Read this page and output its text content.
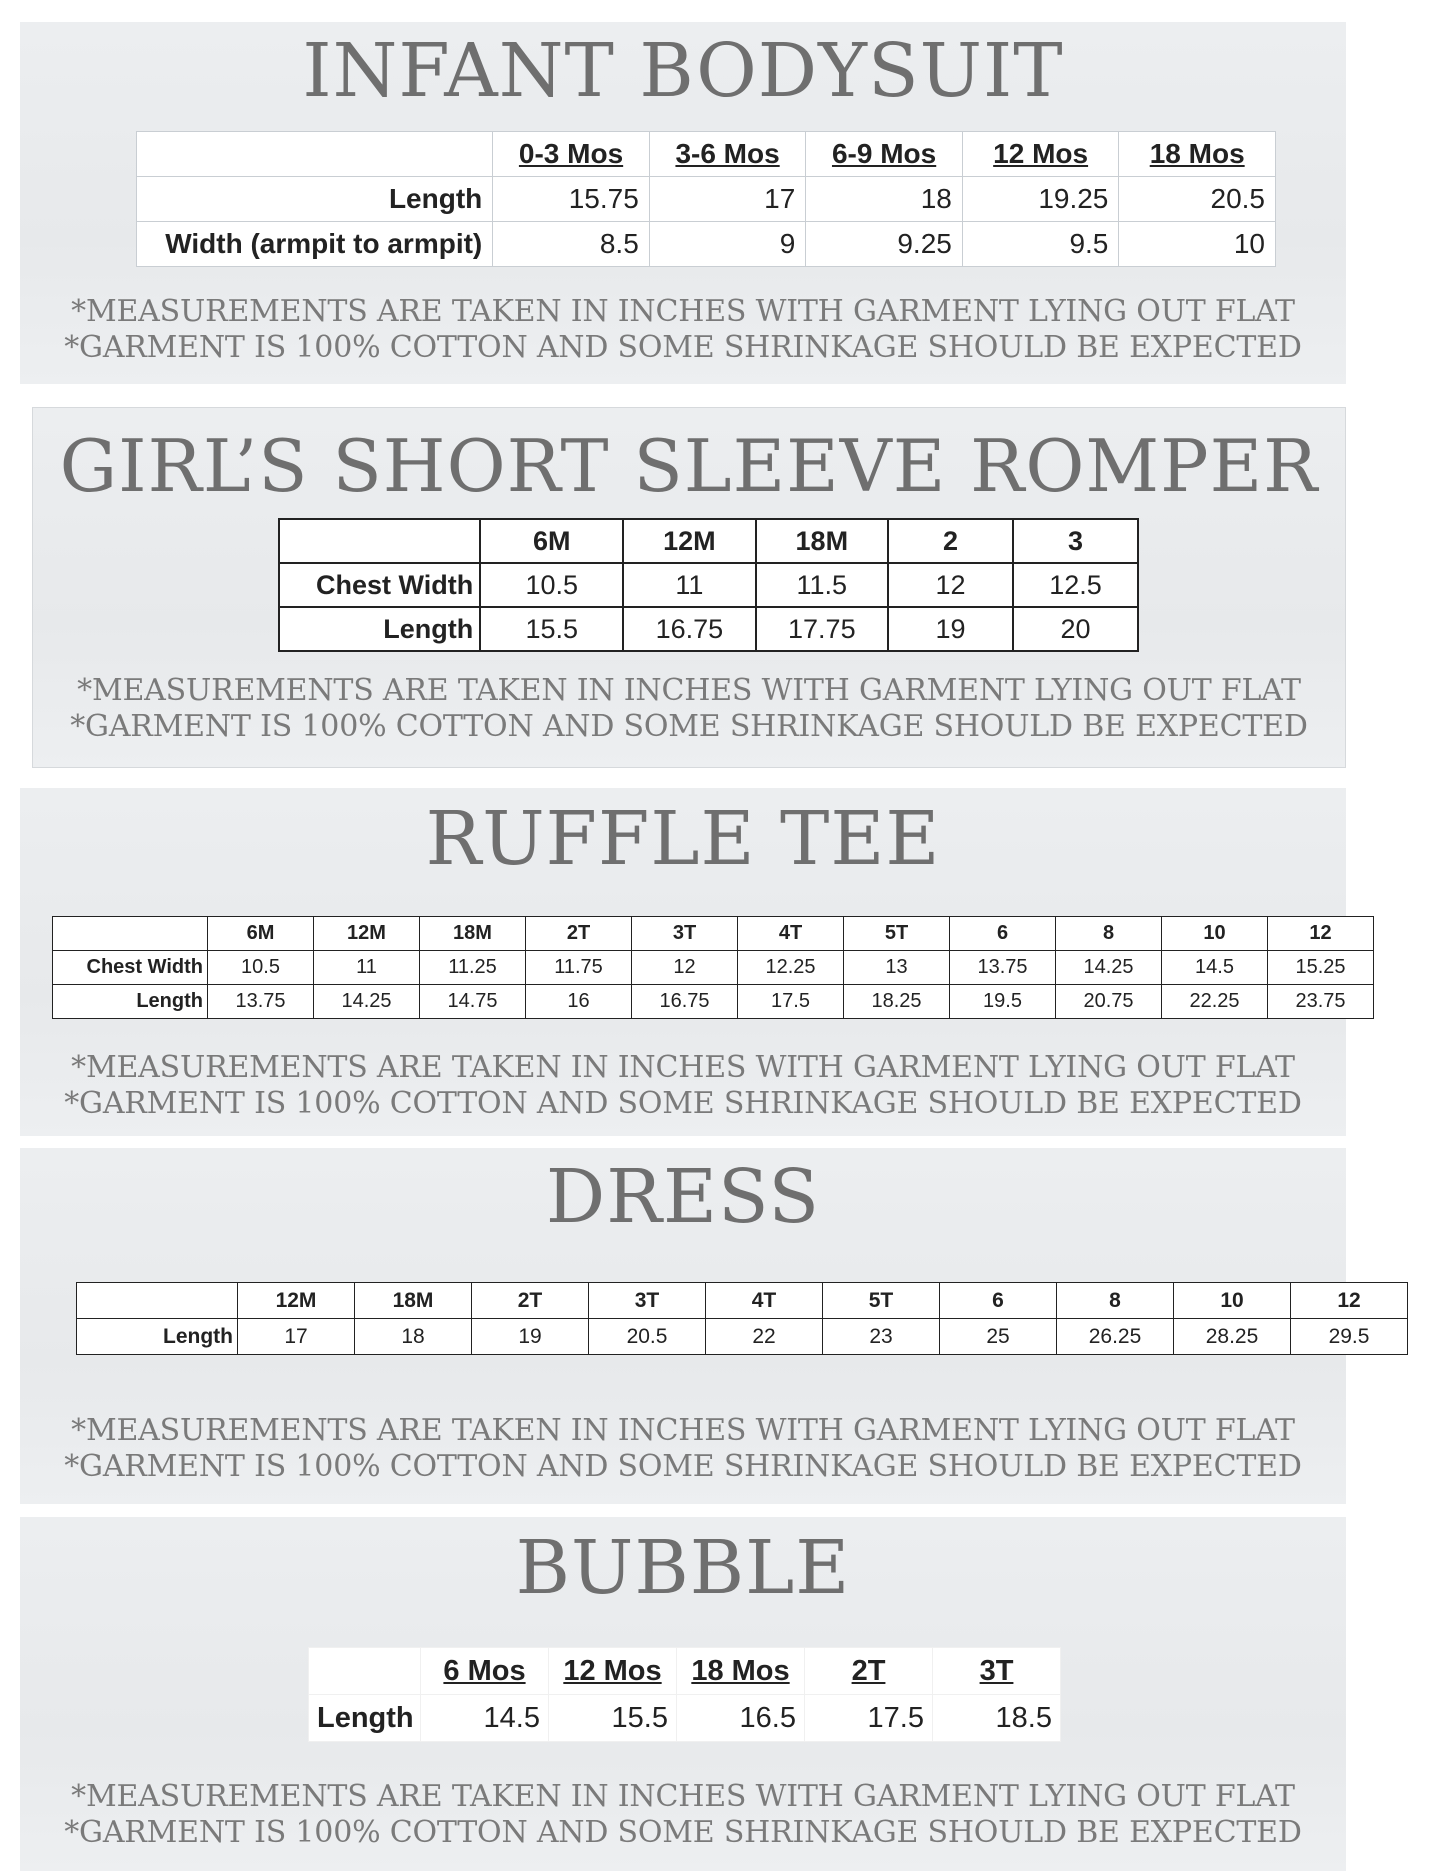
INFANT BODYSUIT
	0-3 Mos	3-6 Mos	6-9 Mos	12 Mos	18 Mos
Length	15.75	17	18	19.25	20.5
Width (armpit to armpit)	8.5	9	9.25	9.5	10
*MEASUREMENTS ARE TAKEN IN INCHES WITH GARMENT LYING OUT FLAT
*GARMENT IS 100% COTTON AND SOME SHRINKAGE SHOULD BE EXPECTED
GIRL’S SHORT SLEEVE ROMPER
	6M	12M	18M	2	3
Chest Width	10.5	11	11.5	12	12.5
Length	15.5	16.75	17.75	19	20
*MEASUREMENTS ARE TAKEN IN INCHES WITH GARMENT LYING OUT FLAT
*GARMENT IS 100% COTTON AND SOME SHRINKAGE SHOULD BE EXPECTED
RUFFLE TEE
	6M	12M	18M	2T	3T	4T	5T	6	8	10	12
Chest Width	10.5	11	11.25	11.75	12	12.25	13	13.75	14.25	14.5	15.25
Length	13.75	14.25	14.75	16	16.75	17.5	18.25	19.5	20.75	22.25	23.75
*MEASUREMENTS ARE TAKEN IN INCHES WITH GARMENT LYING OUT FLAT
*GARMENT IS 100% COTTON AND SOME SHRINKAGE SHOULD BE EXPECTED
DRESS
	12M	18M	2T	3T	4T	5T	6	8	10	12
Length	17	18	19	20.5	22	23	25	26.25	28.25	29.5
*MEASUREMENTS ARE TAKEN IN INCHES WITH GARMENT LYING OUT FLAT
*GARMENT IS 100% COTTON AND SOME SHRINKAGE SHOULD BE EXPECTED
BUBBLE
	6 Mos	12 Mos	18 Mos	2T	3T
Length	14.5	15.5	16.5	17.5	18.5
*MEASUREMENTS ARE TAKEN IN INCHES WITH GARMENT LYING OUT FLAT
*GARMENT IS 100% COTTON AND SOME SHRINKAGE SHOULD BE EXPECTED
